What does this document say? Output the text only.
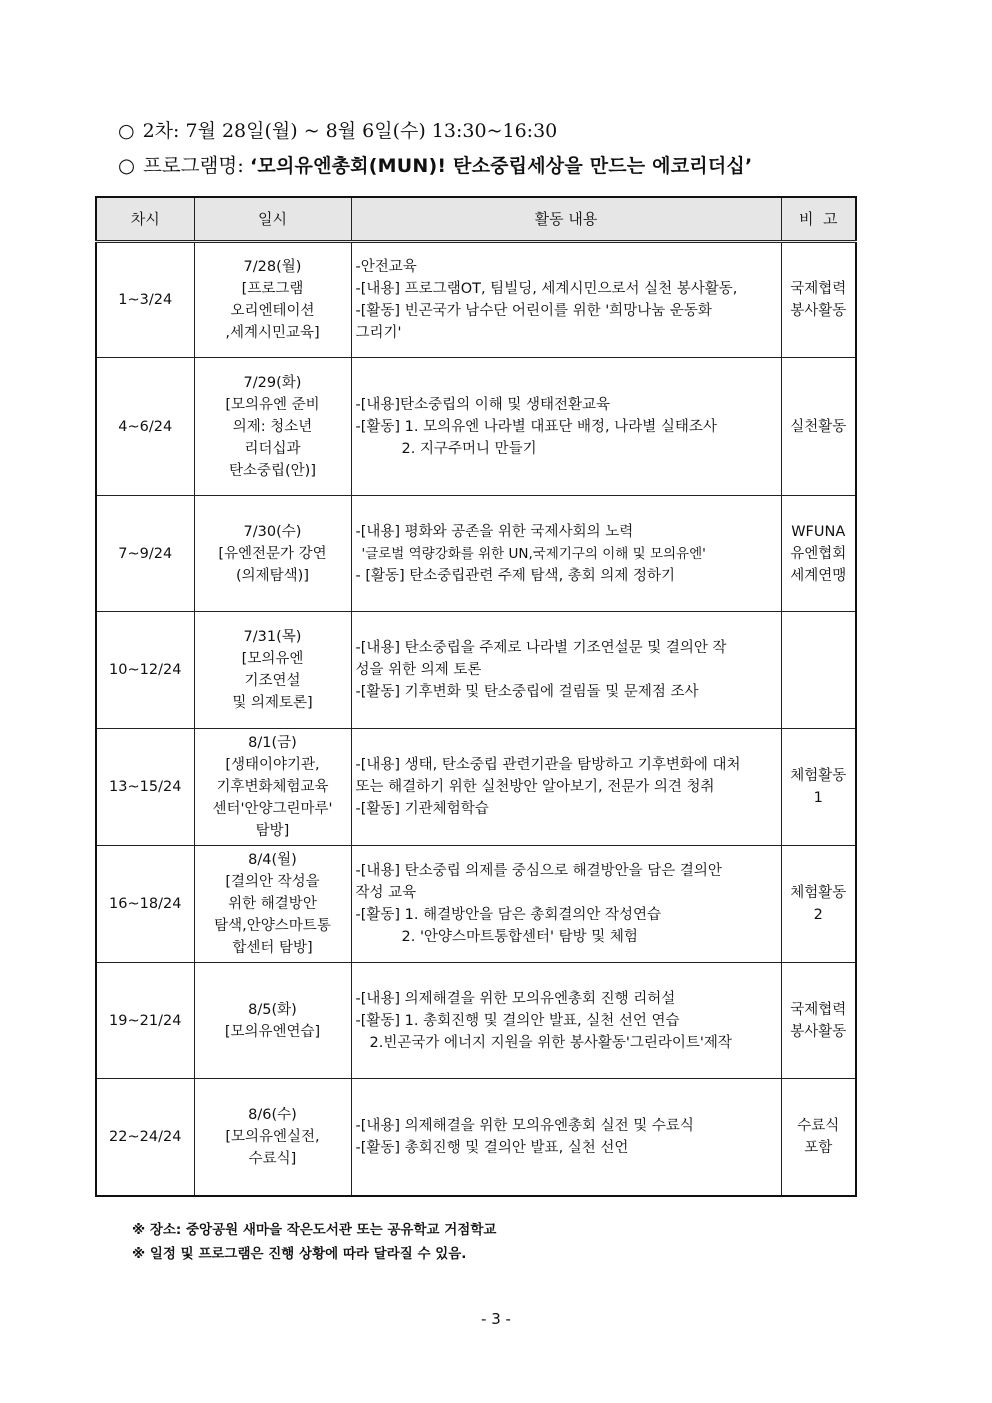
○ 2차: 7월 28일(월) ~ 8월 6일(수) 13:30~16:30
○ 프로그램명: ‘모의유엔총회(MUN)! 탄소중립세상을 만드는 에코리더십’
차시	일시	활동 내용	비  고
1~3/24	7/28(월)
[프로그램
오리엔테이션
,세계시민교육]	-안전교육
-[내용] 프로그램OT, 팀빌딩, 세계시민으로서 실천 봉사활동,
-[활동] 빈곤국가 남수단 어린이를 위한 '희망나눔 운동화
그리기'	국제협력
봉사활동

4~6/24	7/29(화)
[모의유엔 준비
의제: 청소년
리더십과
탄소중립(안)]	-[내용]탄소중립의 이해 및 생태전환교육
-[활동] 1. 모의유엔 나라별 대표단 배정, 나라별 실태조사
2. 지구주머니 만들기	실천활동

7~9/24	7/30(수)
[유엔전문가 강연
(의제탐색)]	-[내용] 평화와 공존을 위한 국제사회의 노력
'글로벌 역량강화를 위한 UN,국제기구의 이해 및 모의유엔'
- [활동] 탄소중립관련 주제 탐색, 총회 의제 정하기	WFUNA
유엔협회
세계연맹

10~12/24	7/31(목)
[모의유엔
기조연설
및 의제토론]	-[내용] 탄소중립을 주제로 나라별 기조연설문 및 결의안 작
성을 위한 의제 토론
-[활동] 기후변화 및 탄소중립에 걸림돌 및 문제점 조사	

13~15/24	8/1(금)
[생태이야기관,
기후변화체험교육
센터'안양그린마루'
탐방]	-[내용] 생태, 탄소중립 관련기관을 탐방하고 기후변화에 대처
또는 해결하기 위한 실천방안 알아보기, 전문가 의견 청취
-[활동] 기관체험학습	체험활동
1

16~18/24	8/4(월)
[결의안 작성을
위한 해결방안
탐색,안양스마트통
합센터 탐방]	-[내용] 탄소중립 의제를 중심으로 해결방안을 담은 결의안
작성 교육
-[활동] 1. 해결방안을 담은 총회결의안 작성연습
2. '안양스마트통합센터' 탐방 및 체험	체험활동
2

19~21/24	8/5(화)
[모의유엔연습]	-[내용] 의제해결을 위한 모의유엔총회 진행 리허설
-[활동] 1. 총회진행 및 결의안 발표, 실천 선언 연습
2.빈곤국가 에너지 지원을 위한 봉사활동'그린라이트'제작	국제협력
봉사활동

22~24/24	8/6(수)
[모의유엔실전,
수료식]	-[내용] 의제해결을 위한 모의유엔총회 실전 및 수료식
-[활동] 총회진행 및 결의안 발표, 실천 선언	수료식
포함
※ 장소: 중앙공원 새마을 작은도서관 또는 공유학교 거점학교
※ 일정 및 프로그램은 진행 상황에 따라 달라질 수 있음.
- 3 -
